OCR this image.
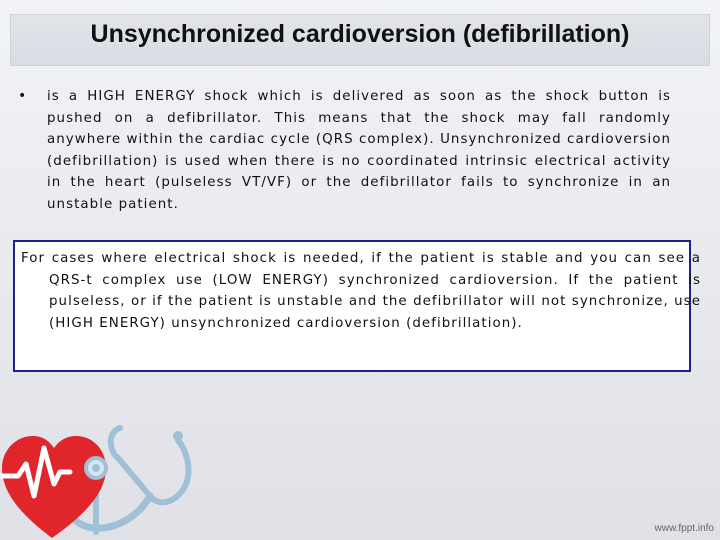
Unsynchronized cardioversion (defibrillation)
• is a HIGH ENERGY shock which is delivered as soon as the shock button is pushed on a defibrillator. This means that the shock may fall randomly anywhere within the cardiac cycle (QRS complex). Unsynchronized cardioversion (defibrillation) is used when there is no coordinated intrinsic electrical activity in the heart (pulseless VT/VF) or the defibrillator fails to synchronize in an unstable patient.

For cases where electrical shock is needed, if the patient is stable and you can see a QRS-t complex use (LOW ENERGY) synchronized cardioversion. If the patient is pulseless, or if the patient is unstable and the defibrillator will not synchronize, use (HIGH ENERGY) unsynchronized cardioversion (defibrillation).

www.fppt.info
